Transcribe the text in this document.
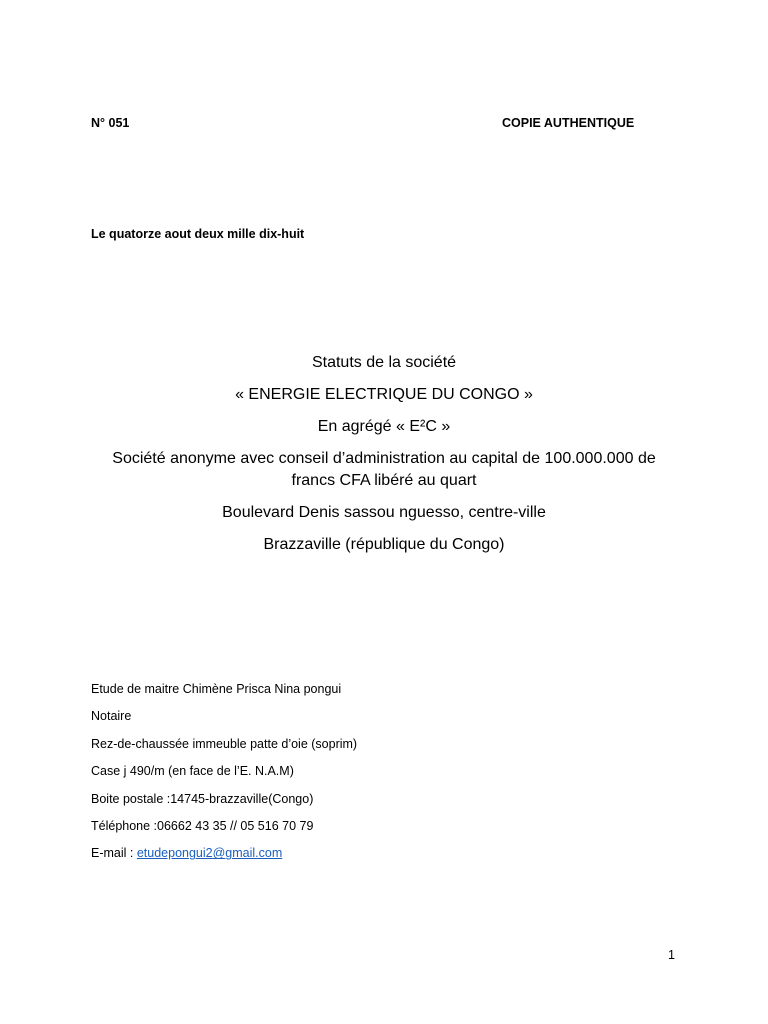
N° 051	COPIE AUTHENTIQUE
Le quatorze aout deux mille dix-huit
Statuts de la société
« ENERGIE ELECTRIQUE DU CONGO »
En agrégé « E²C »
Société anonyme avec conseil d’administration au capital de 100.000.000 de francs CFA libéré au quart
Boulevard Denis sassou nguesso, centre-ville
Brazzaville (république du Congo)
Etude de maitre Chimène Prisca Nina pongui
Notaire
Rez-de-chaussée immeuble patte d’oie (soprim)
Case j 490/m (en face de l’E. N.A.M)
Boite postale :14745-brazzaville(Congo)
Téléphone :06662 43 35 // 05 516 70 79
E-mail : etudepongui2@gmail.com
1
